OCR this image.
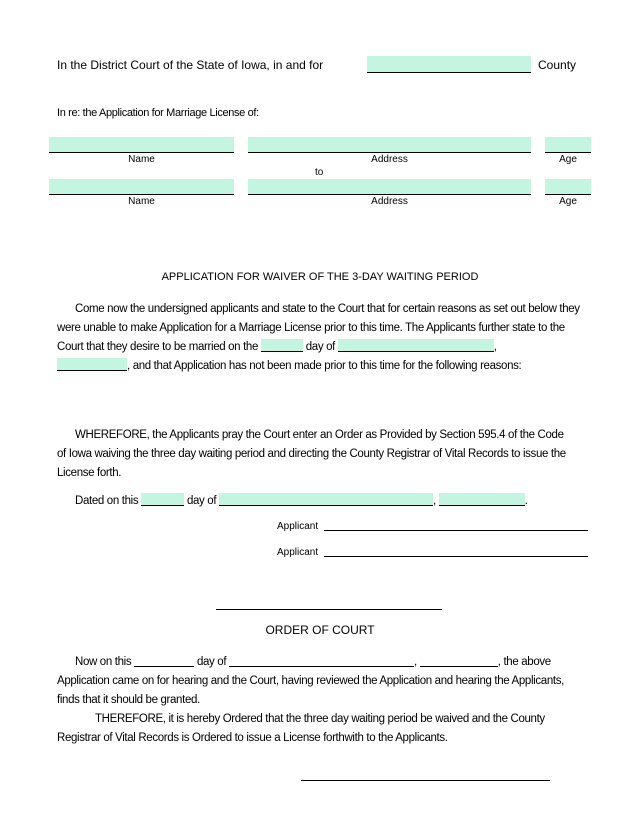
In the District Court of the State of Iowa, in and for	County
In re: the Application for Marriage License of:
Name	Address	Age
to
Name	Address	Age
APPLICATION FOR WAIVER OF THE 3-DAY WAITING PERIOD
Come now the undersigned applicants and state to the Court that for certain reasons as set out below they
were unable to make Application for a Marriage License prior to this time. The Applicants further state to the
Court that they desire to be married on the	day of	,
, and that Application has not been made prior to this time for the following reasons:
WHEREFORE, the Applicants pray the Court enter an Order as Provided by Section 595.4 of the Code
of Iowa waiving the three day waiting period and directing the County Registrar of Vital Records to issue the
License forth.
Dated on this	day of	,	.
Applicant
Applicant
ORDER OF COURT
Now on this	day of	,	, the above
Application came on for hearing and the Court, having reviewed the Application and hearing the Applicants,
finds that it should be granted.
THEREFORE, it is hereby Ordered that the three day waiting period be waived and the County
Registrar of Vital Records is Ordered to issue a License forthwith to the Applicants.
